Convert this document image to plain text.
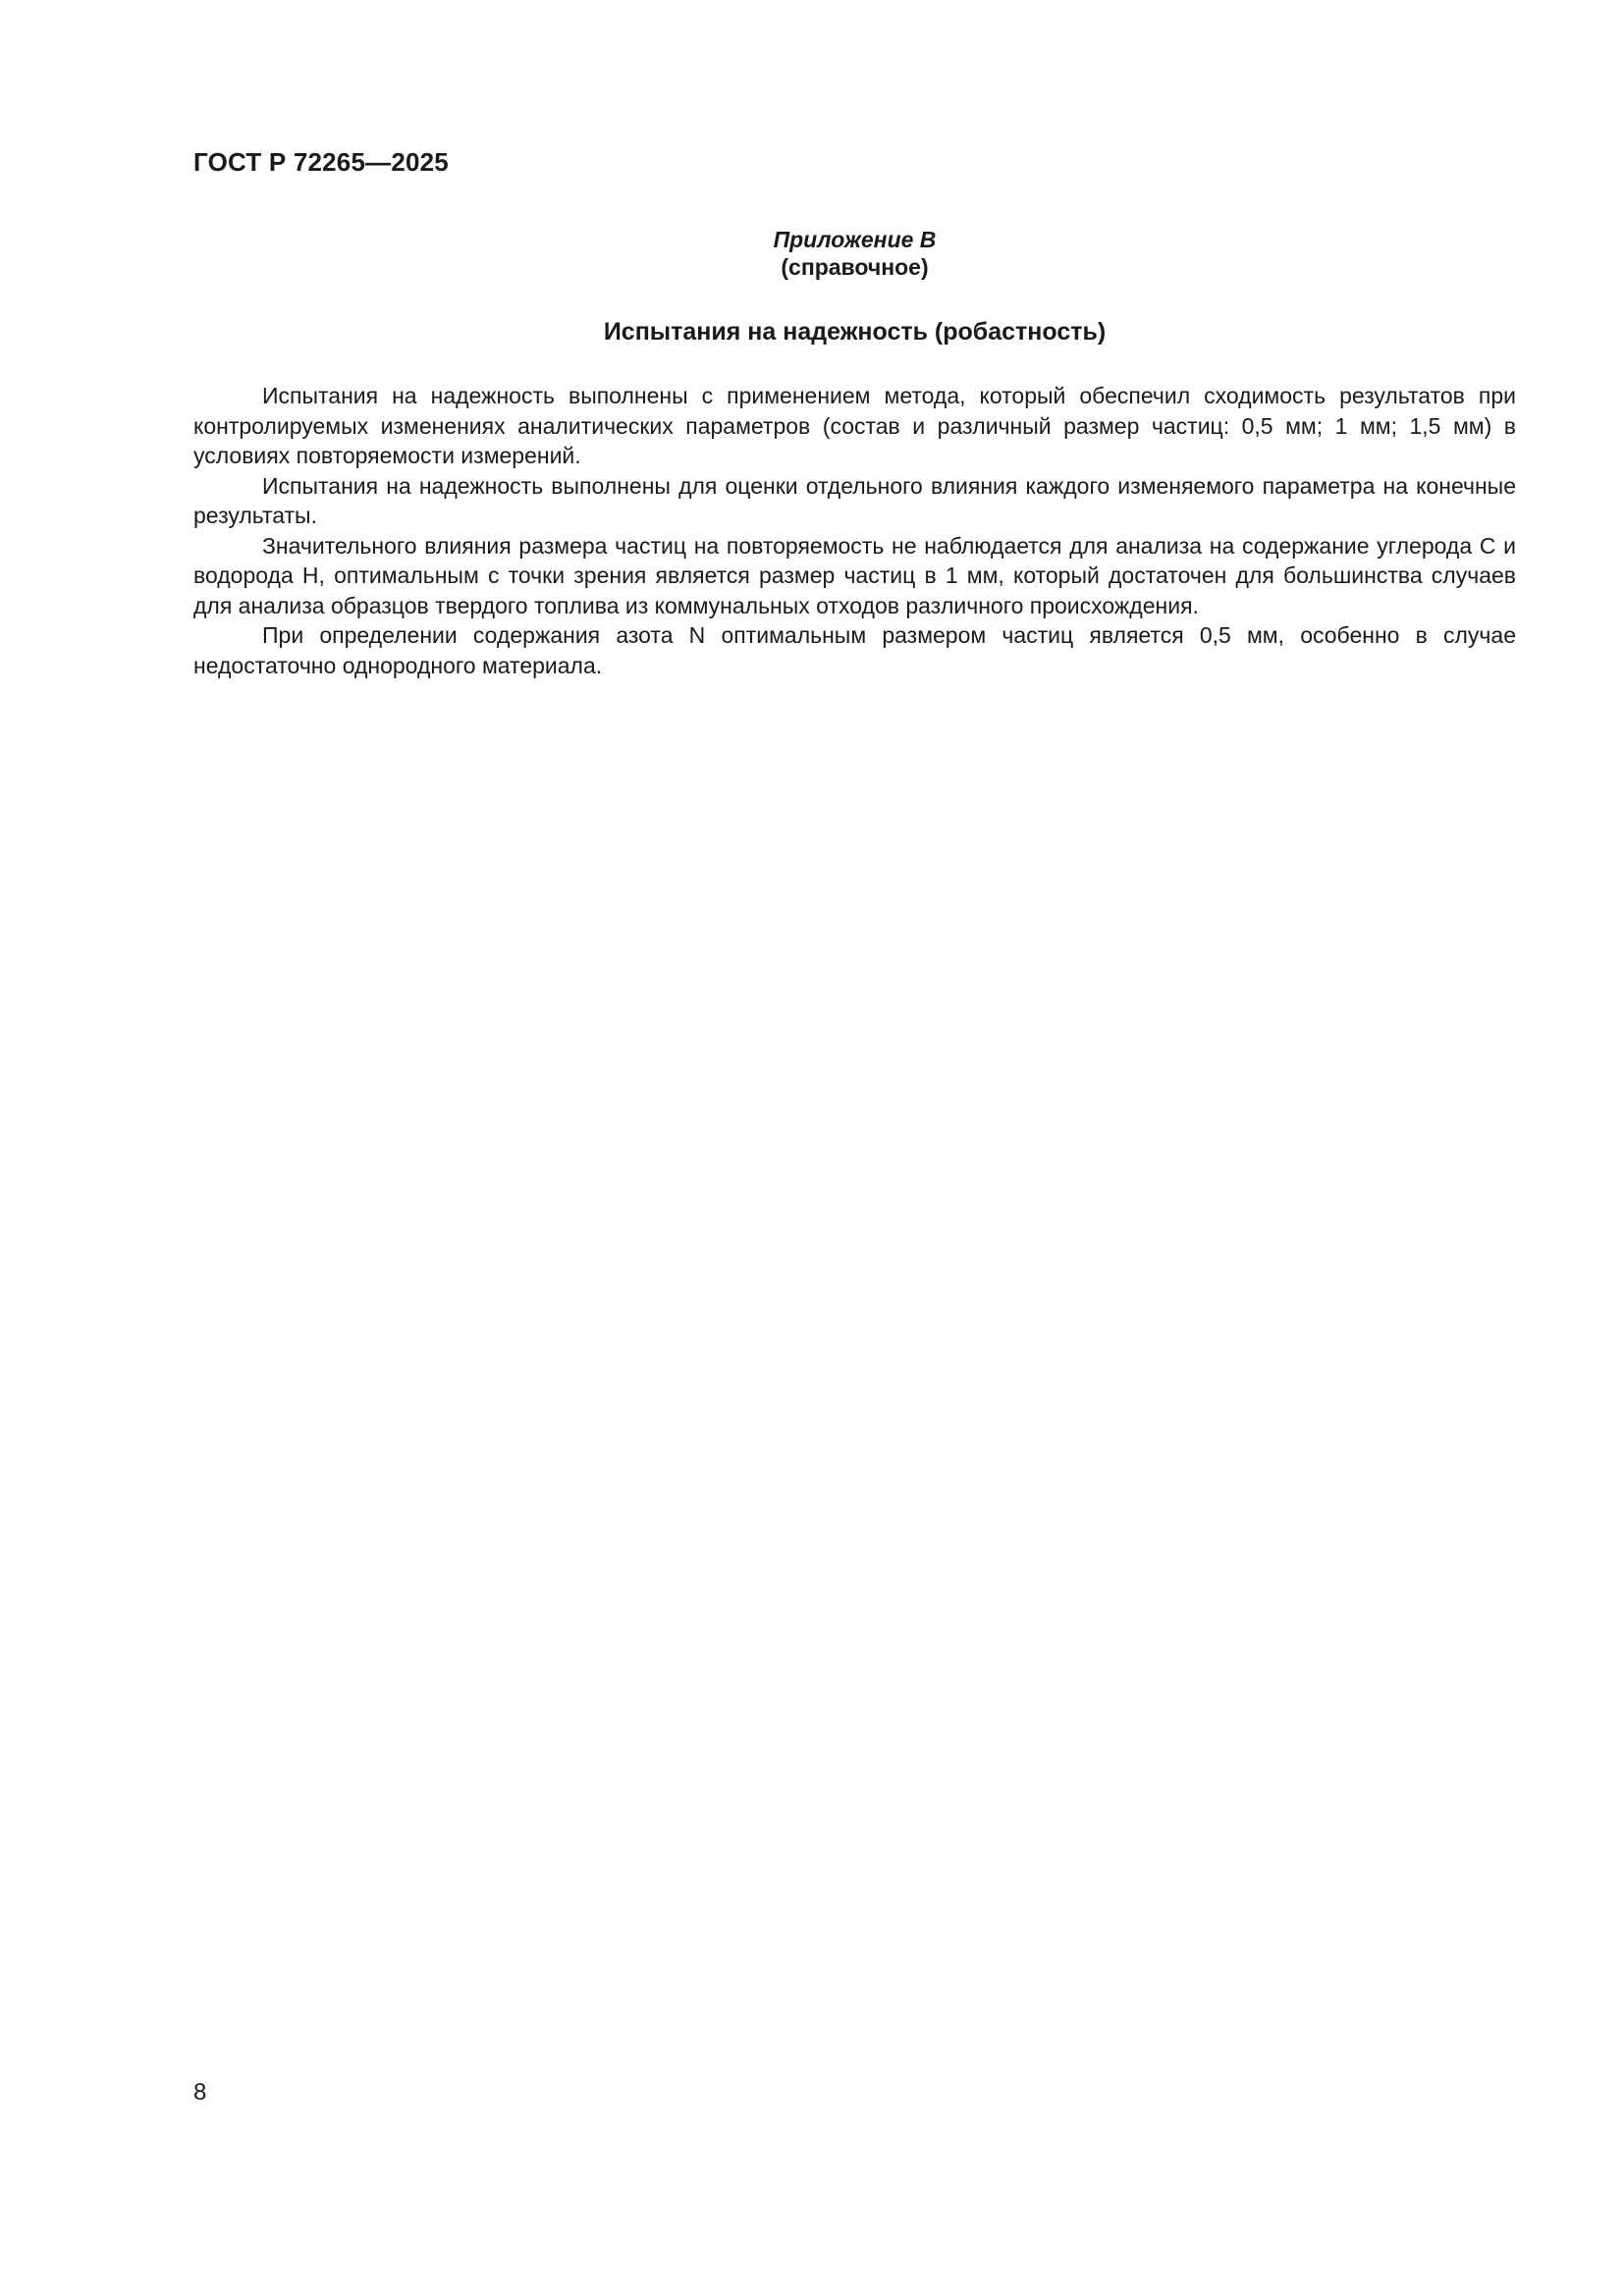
ГОСТ Р 72265—2025
Приложение В
(справочное)
Испытания на надежность (робастность)

Испытания на надежность выполнены с применением метода, который обеспечил сходимость результатов при контролируемых изменениях аналитических параметров (состав и различный размер частиц: 0,5 мм; 1 мм; 1,5 мм) в условиях повторяемости измерений.

Испытания на надежность выполнены для оценки отдельного влияния каждого изменяемого параметра на конечные результаты.

Значительного влияния размера частиц на повторяемость не наблюдается для анализа на содержание углерода C и водорода H, оптимальным с точки зрения является размер частиц в 1 мм, который достаточен для большинства случаев для анализа образцов твердого топлива из коммунальных отходов различного происхождения.

При определении содержания азота N оптимальным размером частиц является 0,5 мм, особенно в случае недостаточно однородного материала.

8
